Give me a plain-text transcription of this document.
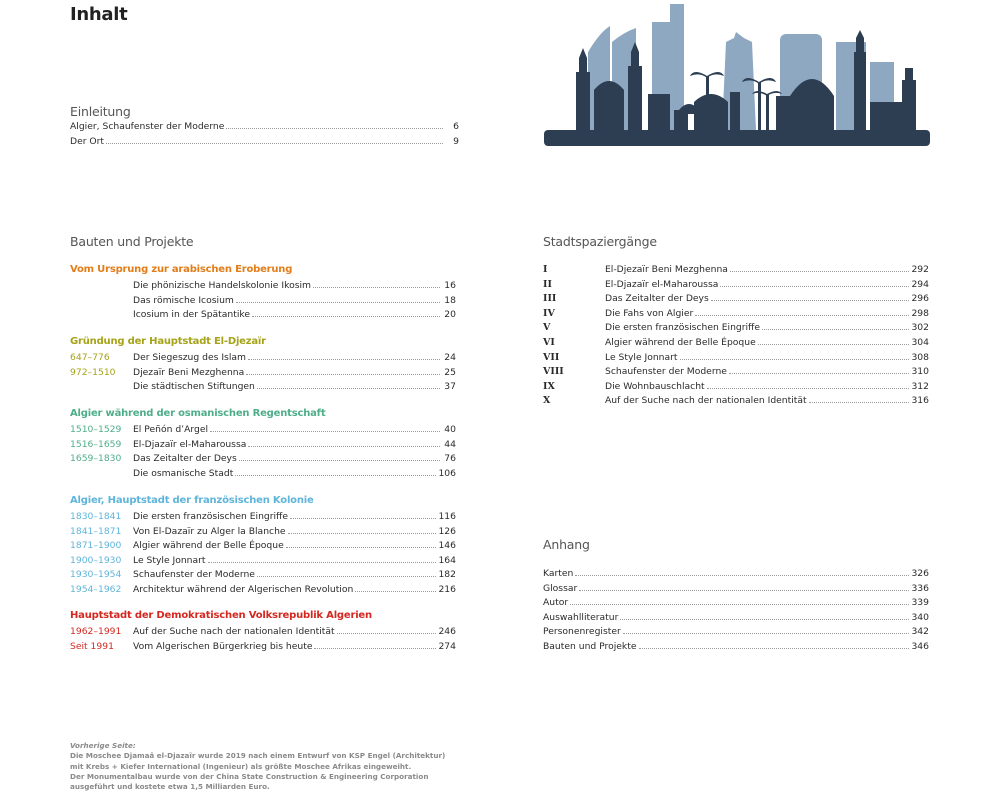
Inhalt
Einleitung
Algier, Schaufenster der Moderne	6
Der Ort	9
Bauten und Projekte
Vom Ursprung zur arabischen Eroberung
Die phönizische Handelskolonie Ikosim	16
Das römische Icosium	18
Icosium in der Spätantike	20
Gründung der Hauptstadt El-Djezaïr
647–776	Der Siegeszug des Islam	24
972–1510	Djezaïr Beni Mezghenna	25
Die städtischen Stiftungen	37
Algier während der osmanischen Regentschaft
1510–1529	El Peñón d’Argel	40
1516–1659	El-Djazaïr el-Maharoussa	44
1659–1830	Das Zeitalter der Deys	76
Die osmanische Stadt	106
Algier, Hauptstadt der französischen Kolonie
1830–1841	Die ersten französischen Eingriffe	116
1841–1871	Von El-Dazaïr zu Alger la Blanche	126
1871–1900	Algier während der Belle Époque	146
1900–1930	Le Style Jonnart	164
1930–1954	Schaufenster der Moderne	182
1954–1962	Architektur während der Algerischen Revolution	216
Hauptstadt der Demokratischen Volksrepublik Algerien
1962–1991	Auf der Suche nach der nationalen Identität	246
Seit 1991	Vom Algerischen Bürgerkrieg bis heute	274
Stadtspaziergänge
I	El-Djezaïr Beni Mezghenna	292
II	El-Djazaïr el-Maharoussa	294
III	Das Zeitalter der Deys	296
IV	Die Fahs von Algier	298
V	Die ersten französischen Eingriffe	302
VI	Algier während der Belle Époque	304
VII	Le Style Jonnart	308
VIII	Schaufenster der Moderne	310
IX	Die Wohnbauschlacht	312
X	Auf der Suche nach der nationalen Identität	316
Anhang
Karten	326
Glossar	336
Autor	339
Auswahlliteratur	340
Personenregister	342
Bauten und Projekte	346
Vorherige Seite:
Die Moschee Djamaâ el-Djazaïr wurde 2019 nach einem Entwurf von KSP Engel (Architektur)
mit Krebs + Kiefer International (Ingenieur) als größte Moschee Afrikas eingeweiht.
Der Monumentalbau wurde von der China State Construction & Engineering Corporation
ausgeführt und kostete etwa 1,5 Milliarden Euro.
